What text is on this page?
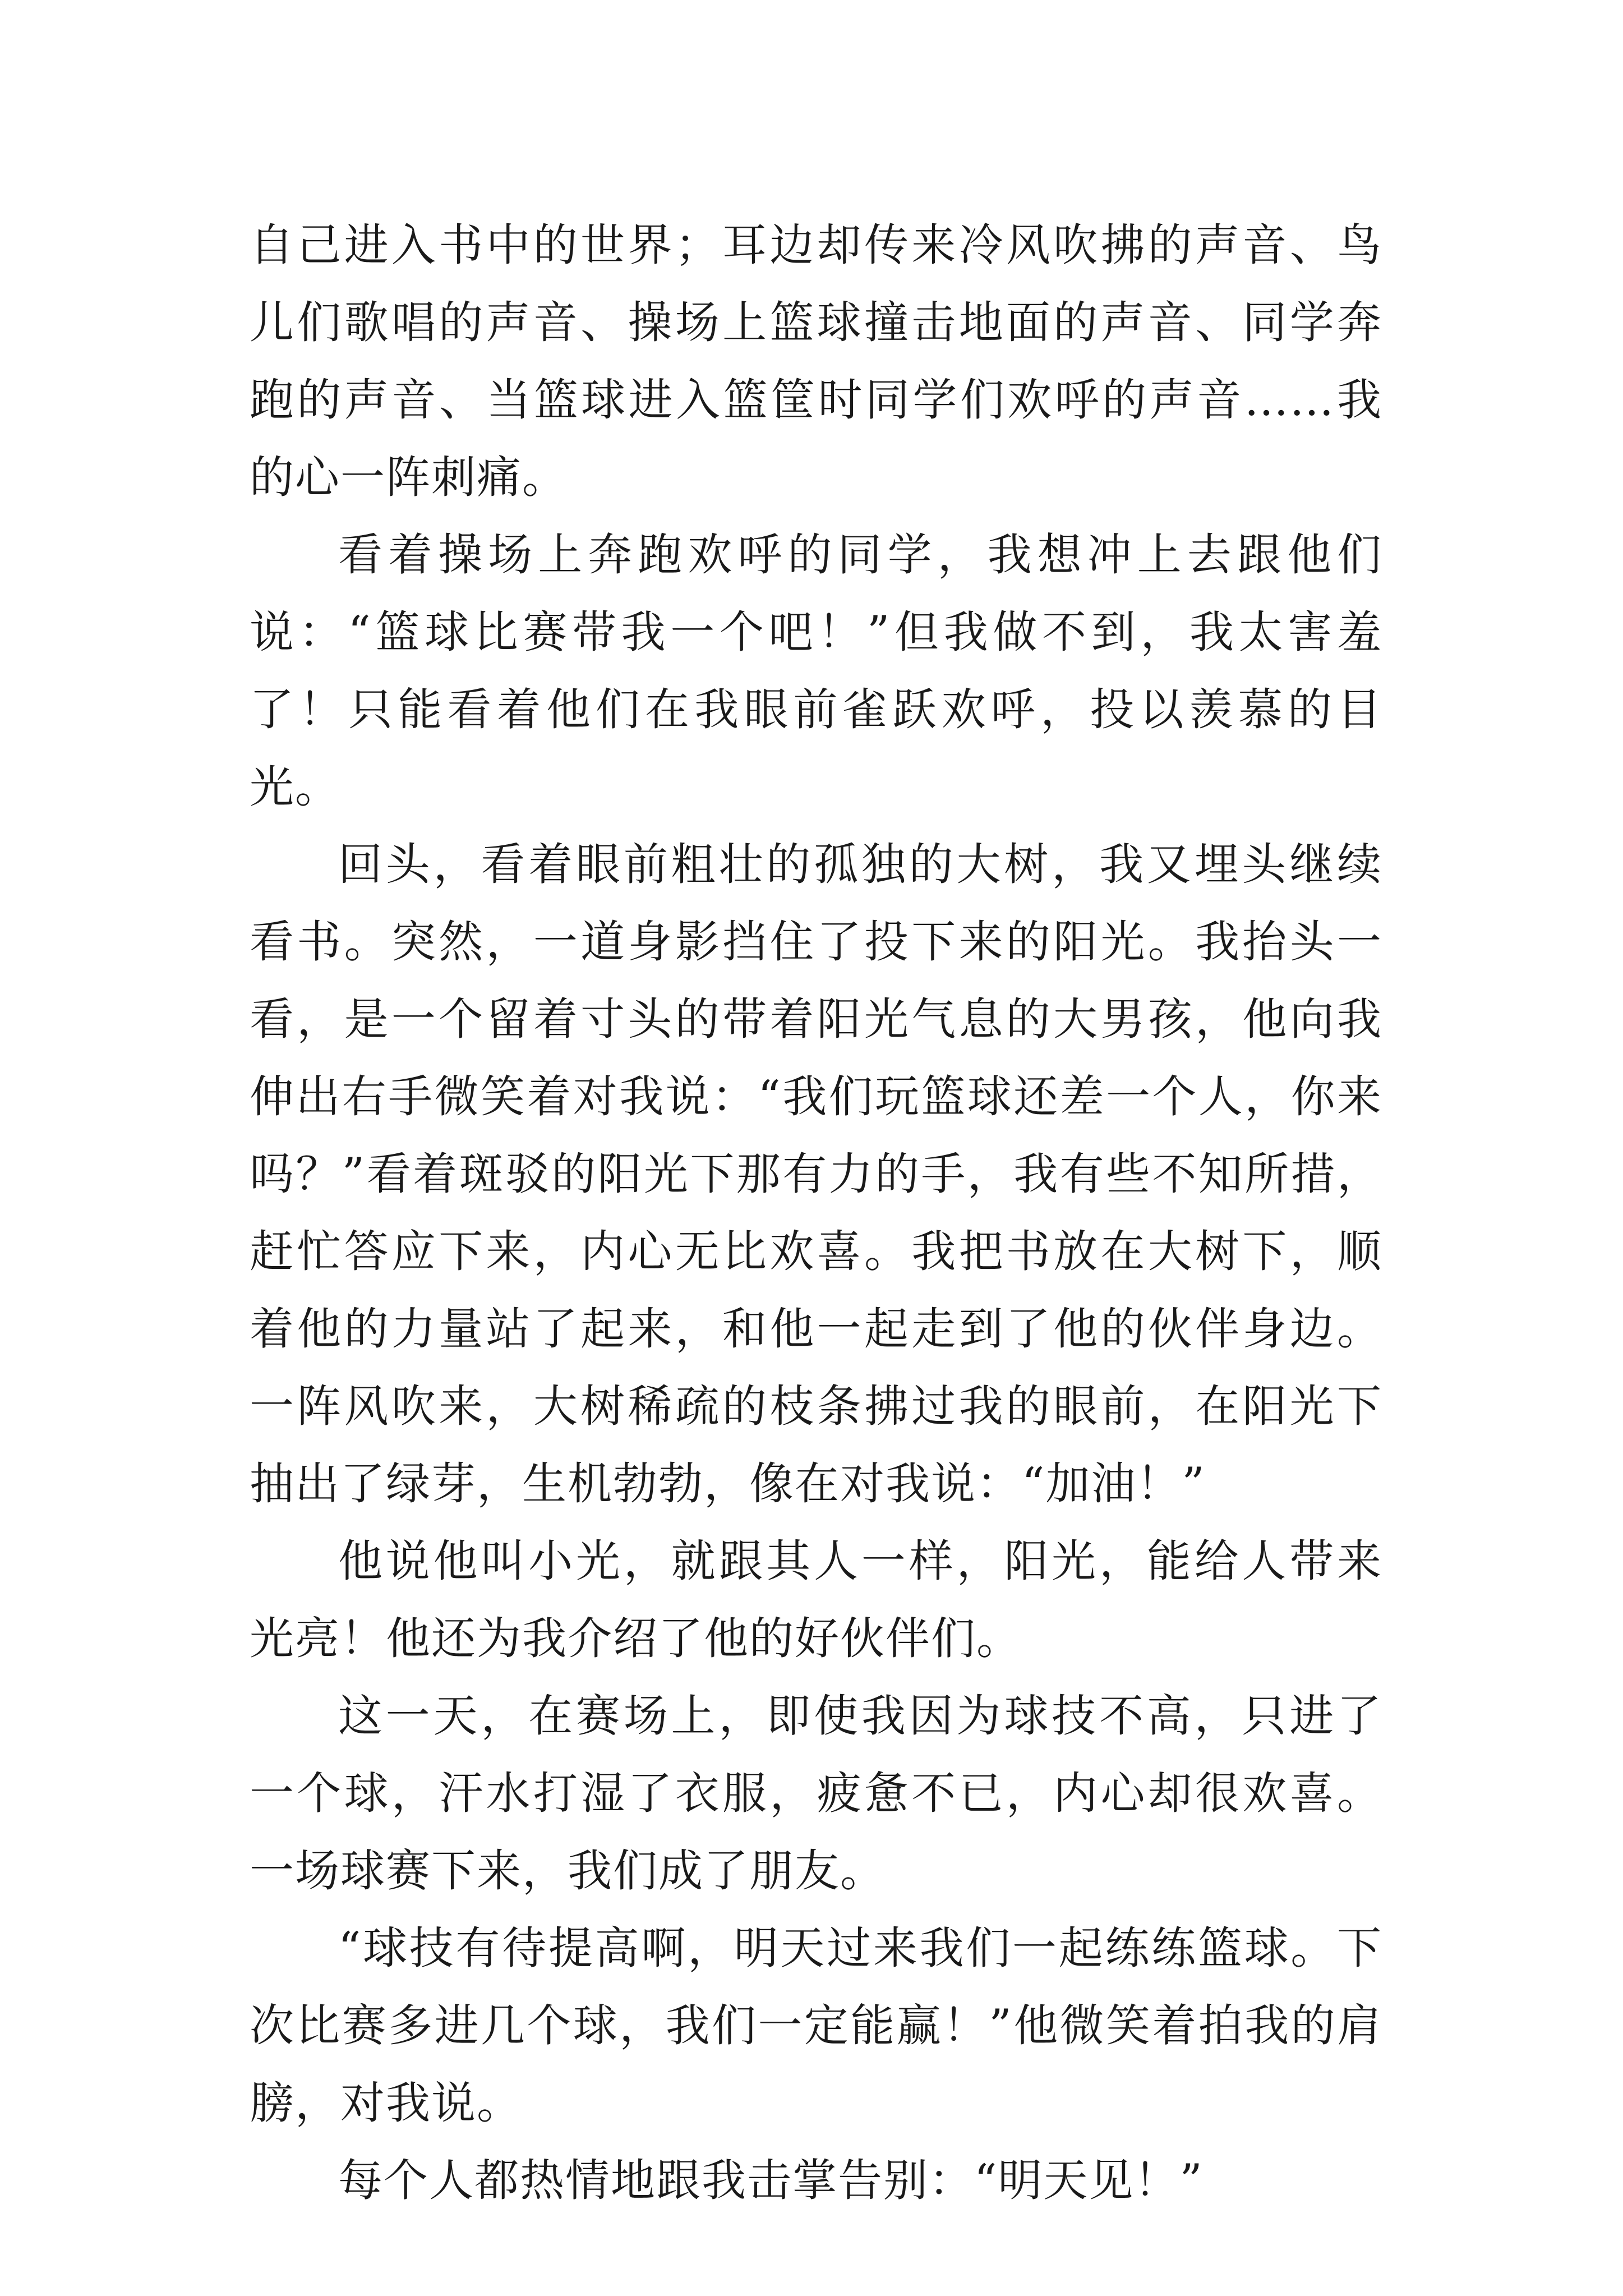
自己进入书中的世界；耳边却传来冷风吹拂的声音、鸟儿们歌唱的声音、操场上篮球撞击地面的声音、同学奔跑的声音、当篮球进入篮筐时同学们欢呼的声音……我的心一阵刺痛。

看着操场上奔跑欢呼的同学，我想冲上去跟他们说：“篮球比赛带我一个吧！”但我做不到，我太害羞了！只能看着他们在我眼前雀跃欢呼，投以羡慕的目光。

回头，看着眼前粗壮的孤独的大树，我又埋头继续看书。突然，一道身影挡住了投下来的阳光。我抬头一看，是一个留着寸头的带着阳光气息的大男孩，他向我伸出右手微笑着对我说：“我们玩篮球还差一个人，你来吗？”看着斑驳的阳光下那有力的手，我有些不知所措，赶忙答应下来，内心无比欢喜。我把书放在大树下，顺着他的力量站了起来，和他一起走到了他的伙伴身边。一阵风吹来，大树稀疏的枝条拂过我的眼前，在阳光下抽出了绿芽，生机勃勃，像在对我说：“加油！”

他说他叫小光，就跟其人一样，阳光，能给人带来光亮！他还为我介绍了他的好伙伴们。

这一天，在赛场上，即使我因为球技不高，只进了一个球，汗水打湿了衣服，疲惫不已，内心却很欢喜。一场球赛下来，我们成了朋友。

“球技有待提高啊，明天过来我们一起练练篮球。下次比赛多进几个球，我们一定能赢！”他微笑着拍我的肩膀，对我说。

每个人都热情地跟我击掌告别：“明天见！”
